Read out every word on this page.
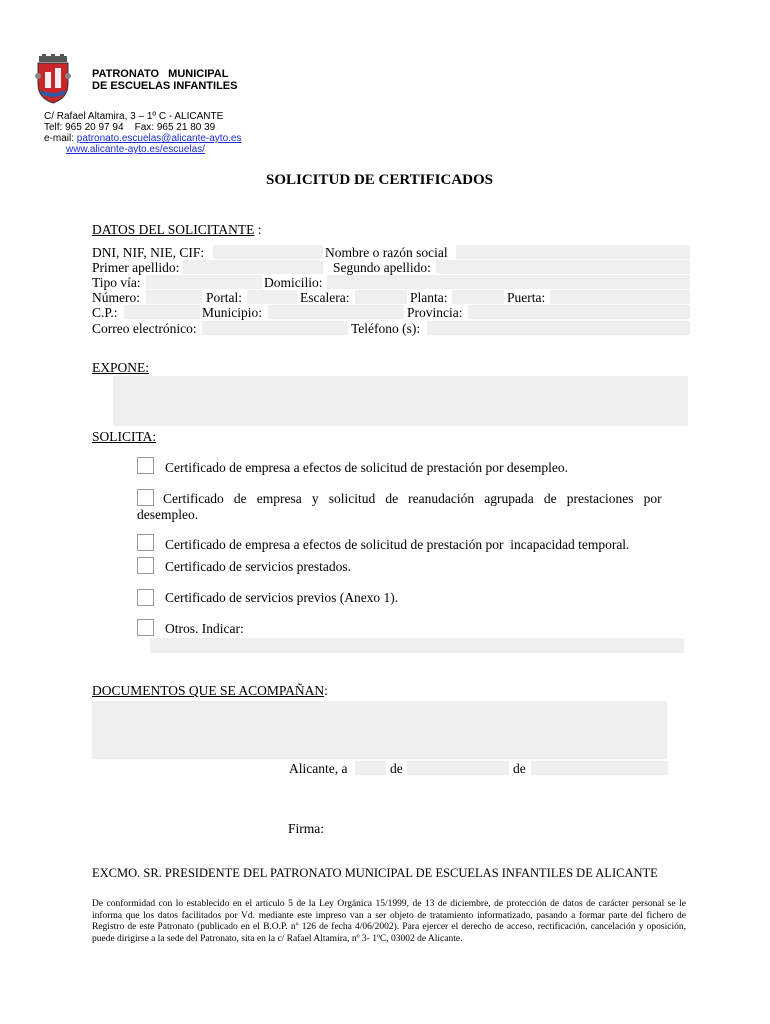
PATRONATO   MUNICIPAL
DE ESCUELAS INFANTILES
C/ Rafael Altamira, 3 – 1º C - ALICANTE
Telf: 965 20 97 94    Fax: 965 21 80 39
e-mail: patronato.escuelas@alicante-ayto.es
www.alicante-ayto.es/escuelas/
SOLICITUD DE CERTIFICADOS
DATOS DEL SOLICITANTE :
DNI, NIF, NIE, CIF:	Nombre o razón social
Primer apellido:	Segundo apellido:
Tipo vía:	Domicilio:
Número:	Portal:	Escalera:	Planta:	Puerta:
C.P.:	Municipio:	Provincia:
Correo electrónico:	Teléfono (s):
EXPONE:
SOLICITA:
Certificado de empresa a efectos de solicitud de prestación por desempleo.
Certificado   de   empresa   y   solicitud   de   reanudación   agrupada   de   prestaciones   por
desempleo.
Certificado de empresa a efectos de solicitud de prestación por  incapacidad temporal.
Certificado de servicios prestados.
Certificado de servicios previos (Anexo 1).
Otros. Indicar:
DOCUMENTOS QUE SE ACOMPAÑAN:
Alicante, a	de	de
Firma:
EXCMO. SR. PRESIDENTE DEL PATRONATO MUNICIPAL DE ESCUELAS INFANTILES DE ALICANTE
De conformidad con lo establecido en el artículo 5 de la Ley Orgánica 15/1999, de 13 de diciembre, de protección de datos de carácter personal se le informa que los datos facilitados por Vd. mediante este impreso van a ser objeto de tratamiento informatizado, pasando a formar parte del fichero de Registro de este Patronato (publicado en el B.O.P. nº 126 de fecha 4/06/2002). Para ejercer el derecho de acceso, rectificación, cancelación y oposición, puede dirigirse a la sede del Patronato, sita en la c/ Rafael Altamira, nº 3- 1ºC, 03002 de Alicante.
